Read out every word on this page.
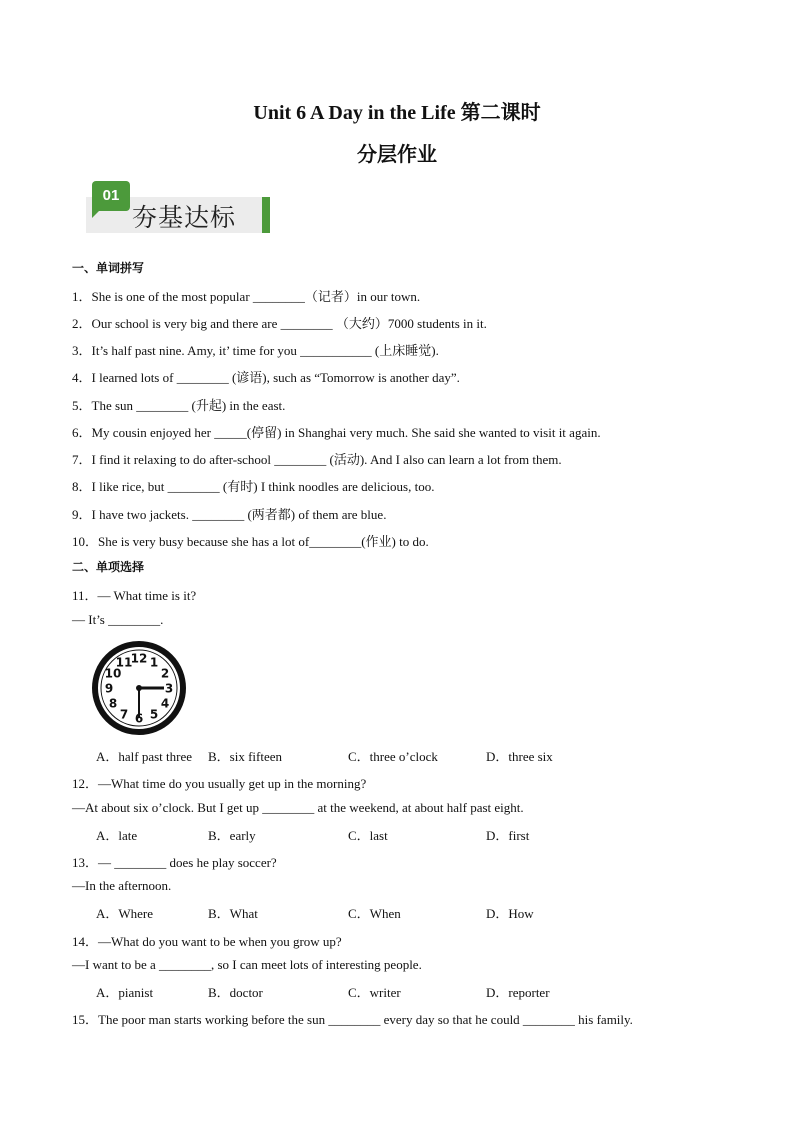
Unit 6 A Day in the Life 第二课时
分层作业
01
夯基达标
一、单词拼写
1．She is one of the most popular ________（记者）in our town.
2．Our school is very big and there are ________ （大约）7000 students in it.
3．It’s half past nine. Amy, it’ time for you ___________ (上床睡觉).
4．I learned lots of ________ (谚语), such as “Tomorrow is another day”.
5．The sun ________ (升起) in the east.
6．My cousin enjoyed her _____(停留) in Shanghai very much. She said she wanted to visit it again.
7．I find it relaxing to do after-school ________ (活动). And I also can learn a lot from them.
8．I like rice, but ________ (有时) I think noodles are delicious, too.
9．I have two jackets. ________ (两者都) of them are blue.
10．She is very busy because she has a lot of________(作业) to do.
二、单项选择
11．— What time is it?
— It’s ________.
12 1
2
3
4
5
6
7
8
9
10
11
A．half past three B．six fifteen	C．three o’clock	D．three six
12．—What time do you usually get up in the morning?
—At about six o’clock. But I get up ________ at the weekend, at about half past eight.
A．late	B．early	C．last	D．first
13．— ________ does he play soccer?
—In the afternoon.
A．Where	B．What	C．When	D．How
14．—What do you want to be when you grow up?
—I want to be a ________, so I can meet lots of interesting people.
A．pianist	B．doctor	C．writer	D．reporter
15．The poor man starts working before the sun ________ every day so that he could ________ his family.
